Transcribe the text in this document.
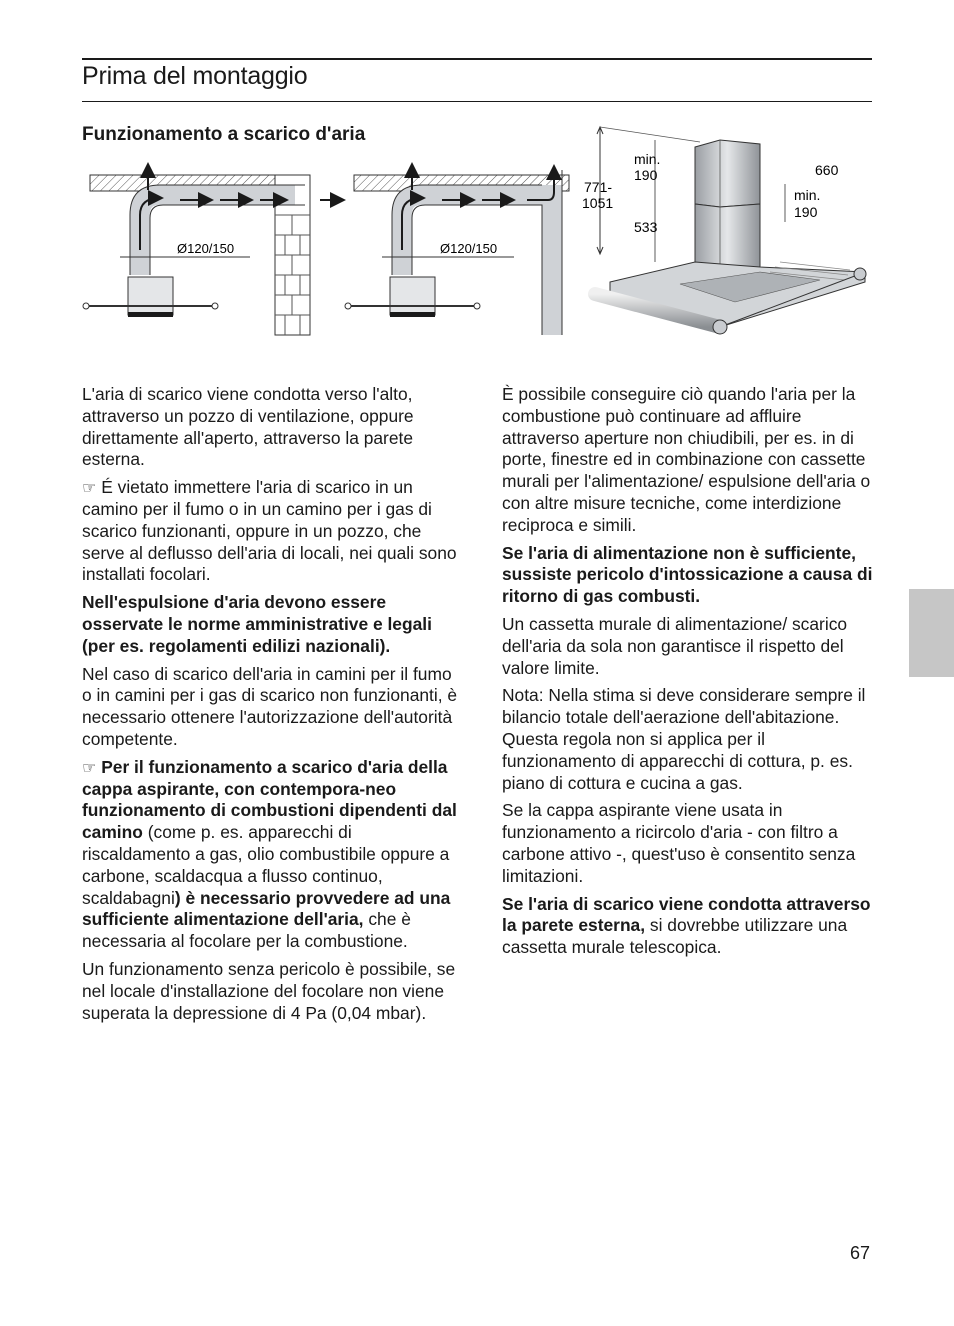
Prima del montaggio
Funzionamento a scarico d'aria
Ø120/150	Ø120/150
771-
1051
min.
190
533
660
min.
190

L'aria di scarico viene condotta verso l'alto, attraverso un pozzo di ventilazione, oppure direttamente all'aperto, attraverso la parete esterna.

☞ É vietato immettere l'aria di scarico in un camino per il fumo o in un camino per i gas di scarico funzionanti, oppure in un pozzo, che serve al deflusso dell'aria di locali, nei quali sono installati focolari.

Nell'espulsione d'aria devono essere osservate le norme amministrative e legali (per es. regolamenti edilizi nazionali).

Nel caso di scarico dell'aria in camini per il fumo o in camini per i gas di scarico non funzionanti, è necessario ottenere l'autorizzazione dell'autorità competente.

☞ Per il funzionamento a scarico d'aria della cappa aspirante, con contempora-neo funzionamento di combustioni dipendenti dal camino (come p. es. apparecchi di riscaldamento a gas, olio combustibile oppure a carbone, scaldacqua a flusso continuo, scaldabagni) è necessario provvedere ad una sufficiente alimentazione dell'aria, che è necessaria al focolare per la combustione.

Un funzionamento senza pericolo è possibile, se nel locale d'installazione del focolare non viene superata la depressione di 4 Pa (0,04 mbar).

È possibile conseguire ciò quando l'aria per la combustione può continuare ad affluire attraverso aperture non chiudibili, per es. in di porte, finestre ed in combinazione con cassette murali per l'alimentazione/ espulsione dell'aria o con altre misure tecniche, come interdizione reciproca e simili.

Se l'aria di alimentazione non è sufficiente, sussiste pericolo d'intossicazione a causa di ritorno di gas combusti.

Un cassetta murale di alimentazione/ scarico dell'aria da sola non garantisce il rispetto del valore limite.

Nota: Nella stima si deve considerare sempre il bilancio totale dell'aerazione dell'abitazione. Questa regola non si applica per il funzionamento di apparecchi di cottura, p. es. piano di cottura e cucina a gas.

Se la cappa aspirante viene usata in funzionamento a ricircolo d'aria - con filtro a carbone attivo -, quest'uso è consentito senza limitazioni.

Se l'aria di scarico viene condotta attraverso la parete esterna, si dovrebbe utilizzare una cassetta murale telescopica.

67
